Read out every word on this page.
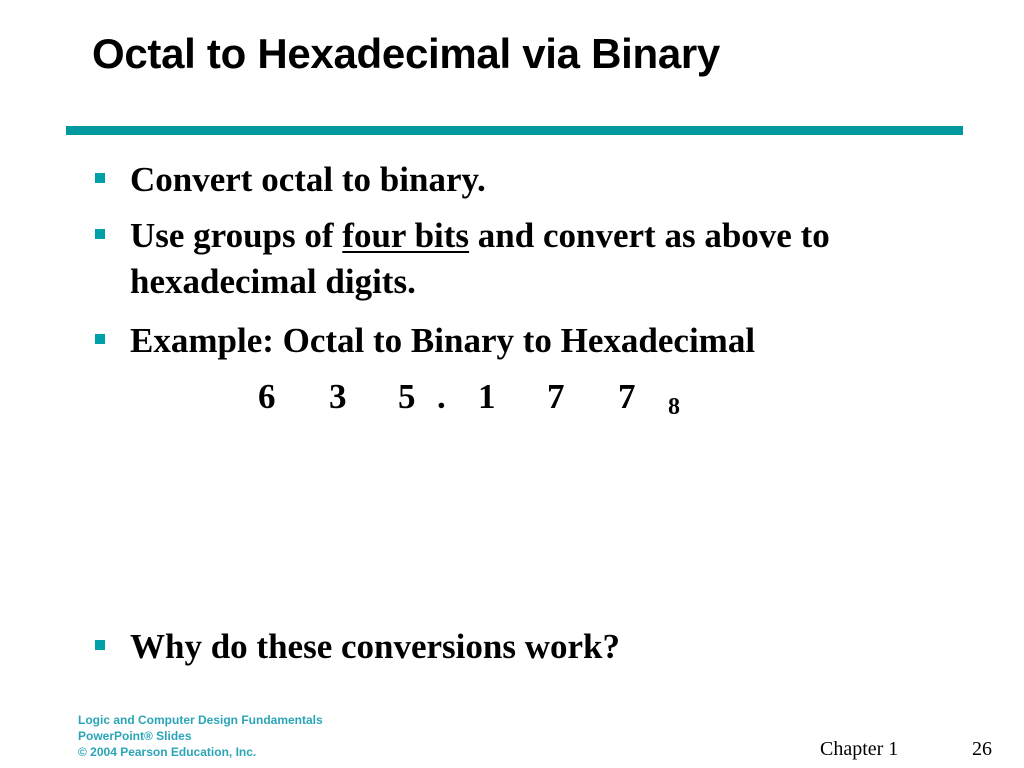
Octal to Hexadecimal via Binary
Convert octal to binary.
Use groups of four bits and convert as above to
hexadecimal digits.
Example: Octal to Binary to Hexadecimal
6 3 5 . 1 7 7 8
Why do these conversions work?
Logic and Computer Design Fundamentals
PowerPoint® Slides
© 2004 Pearson Education, Inc.	Chapter 1	26
